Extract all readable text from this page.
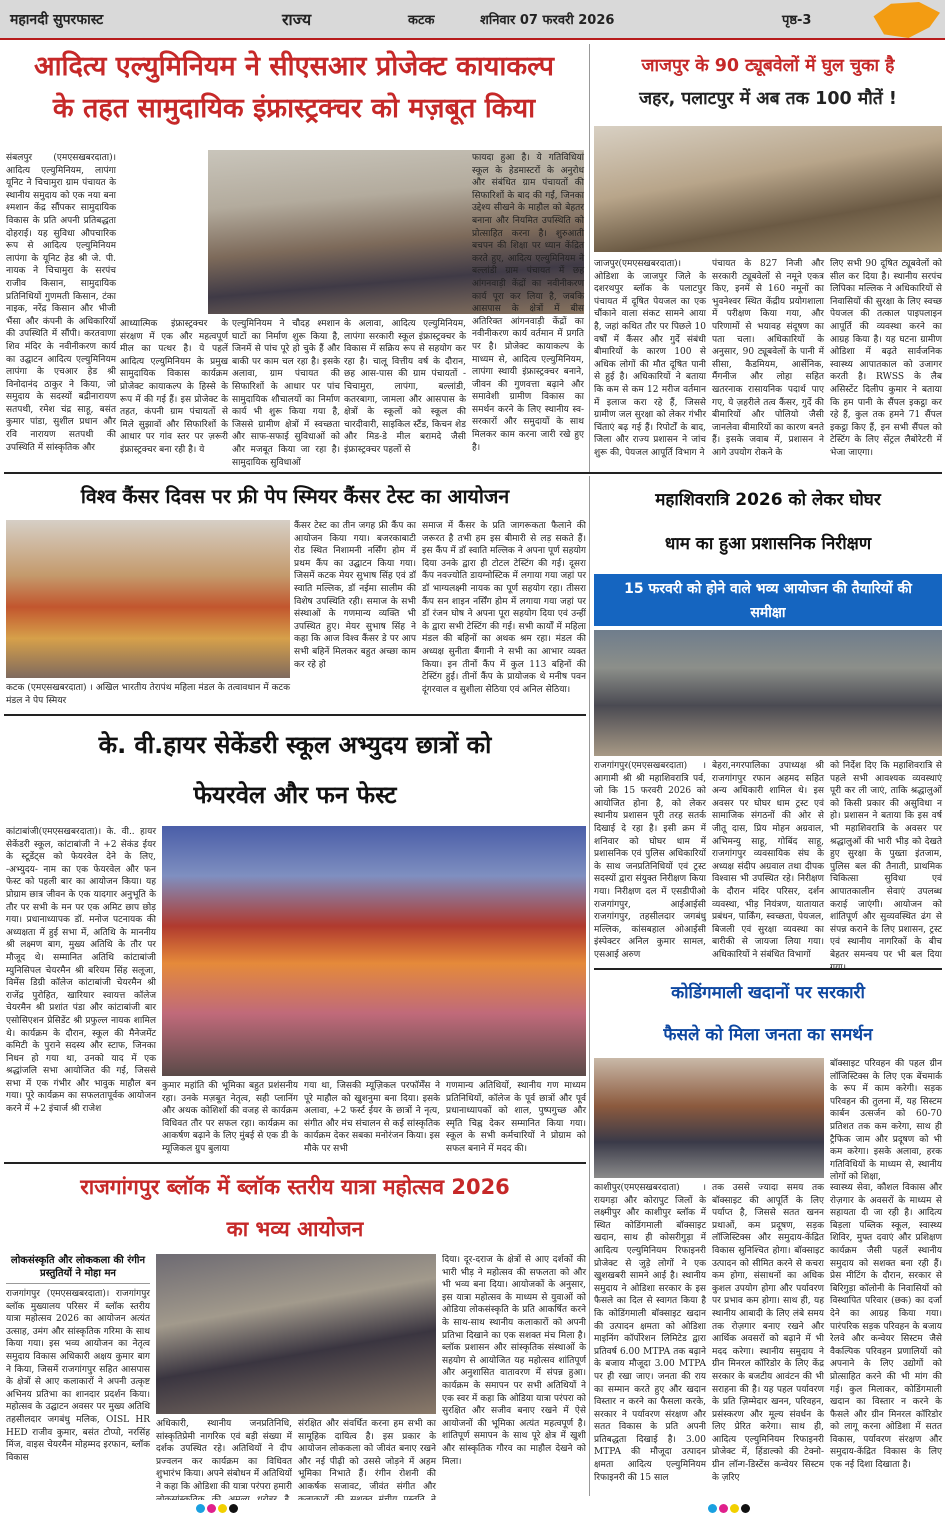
महानदी सुपरफास्ट	राज्य	कटक	शनिवार 07 फरवरी 2026	पृष्ठ-3
आदित्य एल्युमिनियम ने सीएसआर प्रोजेक्ट कायाकल्प
के तहत सामुदायिक इंफ्रास्ट्रक्चर को मज़बूत किया
संबलपुर (एमएसखबरदाता)। आदित्य एल्युमिनियम, लापंगा यूनिट ने चिचामुरा ग्राम पंचायत के स्थानीय समुदाय को एक नया बना श्मशान केंद्र सौंपकर सामुदायिक विकास के प्रति अपनी प्रतिबद्धता दोहराई। यह सुविधा औपचारिक रूप से आदित्य एल्युमिनियम लापंगा के यूनिट हेड श्री जे. पी. नायक ने चिचामुरा के सरपंच राजीव किसान, सामुदायिक प्रतिनिधियों गुणमती किसान, टंका नाइक, नरेंद्र किसान और भीजी भैंसा और कंपनी के अधिकारियों की उपस्थिति में सौंपी। करतवाणा शिव मंदिर के नवीनीकरण कार्य का उद्घाटन आदित्य एल्युमिनियम लापंगा के एचआर हेड श्री विनोदानंद ठाकुर ने किया, जो समुदाय के सदस्यों बद्रीनारायण सतपथी, रमेश चंद्र साहू, बसंत कुमार पांडा, सुशील प्रधान और रवि नारायण सतपथी की उपस्थिति में सांस्कृतिक और
आध्यात्मिक इंफ्रास्ट्रक्चर के संरक्षण में एक और महत्वपूर्ण मील का पत्थर है। ये पहलें आदित्य एल्युमिनियम के प्रमुख सामुदायिक विकास कार्यक्रम प्रोजेक्ट कायाकल्प के हिस्से के रूप में की गई हैं। इस प्रोजेक्ट के तहत, कंपनी ग्राम पंचायतों से मिले सुझावों और सिफारिशों के आधार पर गांव स्तर पर ज़रूरी इंफ्रास्ट्रक्चर बना रही है। ये
एल्युमिनियम ने चौदह श्मशान घाटों का निर्माण शुरू किया है, जिनमें से पांच पूरे हो चुके हैं और बाकी पर काम चल रहा है। इसके अलावा, ग्राम पंचायत की सिफारिशों के आधार पर पांच सामुदायिक शौचालयों का निर्माण कार्य भी शुरू किया गया है, जिससे ग्रामीण क्षेत्रों में स्वच्छता और साफ-सफाई सुविधाओं को और मजबूत किया जा रहा है। सामुदायिक सुविधाओं
के अलावा, आदित्य एल्युमिनियम, लापंगा सरकारी स्कूल इंफ्रास्ट्रक्चर के विकास में सक्रिय रूप से सहयोग कर रहा है। चालू वित्तीय वर्ष के दौरान, छह आस-पास की ग्राम पंचायतों - चिचामुरा, लापंगा, बल्लांडी, कतरबागा, जामला और आसपास के क्षेत्रों के स्कूलों को स्कूल की चारदीवारी, साइकिल स्टैंड, किचन शेड और मिड-डे मील बरामदे जैसी इंफ्रास्ट्रक्चर पहलों से
फायदा हुआ है। ये गतिविधियां स्कूल के हेडमास्टरों के अनुरोध और संबंधित ग्राम पंचायतों की सिफारिशों के बाद की गईं, जिनका उद्देश्य सीखने के माहौल को बेहतर बनाना और नियमित उपस्थिति को प्रोत्साहित करना है। शुरुआती बचपन की शिक्षा पर ध्यान केंद्रित करते हुए, आदित्य एल्युमिनियम ने बल्लांडी ग्राम पंचायत में छह आंगनवाड़ी केंद्रों का नवीनीकरण कार्य पूरा कर लिया है, जबकि आसपास के क्षेत्रों में बीस अतिरिक्त आंगनवाड़ी केंद्रों का नवीनीकरण कार्य वर्तमान में प्रगति पर है। प्रोजेक्ट कायाकल्प के माध्यम से, आदित्य एल्युमिनियम, लापंगा स्थायी इंफ्रास्ट्रक्चर बनाने, जीवन की गुणवत्ता बढ़ाने और समावेशी ग्रामीण विकास का समर्थन करने के लिए स्थानीय स्व-सरकारों और समुदायों के साथ मिलकर काम करना जारी रखे हुए है।
जाजपुर के 90 ट्यूबवेलों में घुल चुका है
जहर, पलाटपुर में अब तक 100 मौतें !
जाजपुर(एमएसखबरदाता)। ओडिशा के जाजपुर जिले के दशरथपुर ब्लॉक के पलाटपुर पंचायत में दूषित पेयजल का एक चौंकाने वाला संकट सामने आया है, जहां कथित तौर पर पिछले 10 वर्षों में कैंसर और गुर्दे संबंधी बीमारियों के कारण 100 से अधिक लोगों की मौत दूषित पानी से हुई है। अधिकारियों ने बताया कि कम से कम 12 मरीज वर्तमान में इलाज करा रहे हैं, जिससे ग्रामीण जल सुरक्षा को लेकर गंभीर चिंताएं बढ़ गई हैं। रिपोर्टों के बाद, जिला और राज्य प्रशासन ने जांच शुरू की, पेयजल आपूर्ति विभाग ने
पंचायत के 827 निजी और सरकारी ट्यूबवेलों से नमूने एकत्र किए, इनमें से 160 नमूनों का भुवनेश्वर स्थित केंद्रीय प्रयोगशाला में परीक्षण किया गया, और परिणामों से भयावह संदूषण का पता चला। अधिकारियों के अनुसार, 90 ट्यूबवेलों के पानी में सीसा, कैडमियम, आर्सेनिक, मैंगनीज और लोहा सहित खतरनाक रासायनिक पदार्थ पाए गए, ये ज़हरीले तत्व कैंसर, गुर्दे की बीमारियों और पोलियो जैसी जानलेवा बीमारियों का कारण बनते हैं। इसके जवाब में, प्रशासन ने आगे उपयोग रोकने के
लिए सभी 90 दूषित ट्यूबवेलों को सील कर दिया है। स्थानीय सरपंच लिपिका मल्लिक ने अधिकारियों से निवासियों की सुरक्षा के लिए स्वच्छ पेयजल की तत्काल पाइपलाइन आपूर्ति की व्यवस्था करने का आग्रह किया है। यह घटना ग्रामीण ओडिशा में बढ़ते सार्वजनिक स्वास्थ्य आपातकाल को उजागर करती है। RWSS के लैब असिस्टेंट दिलीप कुमार ने बताया कि हम पानी के सैंपल इकट्ठा कर रहे हैं, कुल तक हमने 71 सैंपल इकट्ठा किए हैं, इन सभी सैंपल को टेस्टिंग के लिए सेंट्रल लैबोरेटरी में भेजा जाएगा।
विश्व कैंसर दिवस पर फ्री पेप स्मियर कैंसर टेस्ट का आयोजन
कटक (एमएसखबरदाता) । अखिल भारतीय तेरापंथ महिला मंडल के तत्वावधान में कटक मंडल ने पेप स्मियर
कैंसर टेस्ट का तीन जगह फ्री कैंप का आयोजन किया गया। बजरकाबाटी रोड स्थित निशामनी नर्सिंग होम में प्रथम कैंप का उद्घाटन किया गया। जिसमें कटक मेयर सुभाष सिंह एवं डॉ स्वाति मल्लिक, डॉ नईमा सालीम की विशेष उपस्थिति रही। समाज के सभी संस्थाओं के गणमान्य व्यक्ति भी उपस्थित हुए। मेयर सुभाष सिंह ने कहा कि आज विश्व कैंसर डे पर आप सभी बहिनें मिलकर बहुत अच्छा काम कर रहे हो
समाज में कैंसर के प्रति जागरूकता फैलाने की जरूरत है तभी हम इस बीमारी से लड़ सकते हैं। इस कैंप में डॉ स्वाति मल्लिक ने अपना पूर्ण सहयोग दिया उनके द्वारा ही टोटल टेस्टिंग की गई। दूसरा कैंप नवज्योति डायग्नोस्टिक में लगाया गया जहां पर डॉ भाग्यलक्ष्मी नायक का पूर्ण सहयोग रहा। तीसरा कैंप सन शाइन नर्सिंग होम में लगाया गया जहां पर डॉ रंजन घोष ने अपना पूरा सहयोग दिया एवं उन्हीं के द्वारा सभी टेस्टिंग की गई। सभी कार्यों में महिला मंडल की बहिनों का अथक श्रम रहा। मंडल की अध्यक्ष सुनीता बैंगानी ने सभी का आभार व्यक्त किया। इन तीनों कैंप में कुल 113 बहिनों की टेस्टिंग हुई। तीनों कैंप के प्रायोजक थे मनीष पवन दूंगरवाल व सुशीला सेठिया एवं अनिल सेठिया।
महाशिवरात्रि 2026 को लेकर घोघर
धाम का हुआ प्रशासनिक निरीक्षण
15 फरवरी को होने वाले भव्य आयोजन की तैयारियों की समीक्षा
राजगांगपुर(एमएसखबरदाता) । आगामी श्री श्री महाशिवरात्रि पर्व, जो कि 15 फरवरी 2026 को आयोजित होना है, को लेकर स्थानीय प्रशासन पूरी तरह सतर्क दिखाई दे रहा है। इसी क्रम में शनिवार को घोघर धाम में प्रशासनिक एवं पुलिस अधिकारियों के साथ जनप्रतिनिधियों एवं ट्रस्ट सदस्यों द्वारा संयुक्त निरीक्षण किया गया। निरीक्षण दल में एसडीपीओ राजगांगपुर, आईआईसी राजगांगपुर, तहसीलदार जगबंधु मल्लिक, कांसबहाल ओआईसी इंस्पेक्टर अनिल कुमार सामल, एसआई अरुण
बेहरा,नगरपालिका उपाध्यक्ष श्री राजगांगपुर रफान अहमद सहित अन्य अधिकारी शामिल थे। इस अवसर पर घोघर धाम ट्रस्ट एवं सामाजिक संगठनों की ओर से जीतू दास, प्रिय मोहन अग्रवाल, अभिमन्यु साहू, गोबिंद साहू, राजगांगपुर व्यवसायिक संघ के अध्यक्ष संदीप अग्रवाल तथा दीपक विश्वास भी उपस्थित रहे। निरीक्षण के दौरान मंदिर परिसर, दर्शन व्यवस्था, भीड़ नियंत्रण, यातायात प्रबंधन, पार्किंग, स्वच्छता, पेयजल, बिजली एवं सुरक्षा व्यवस्था का बारीकी से जायजा लिया गया। अधिकारियों ने संबंधित विभागों
को निर्देश दिए कि महाशिवरात्रि से पहले सभी आवश्यक व्यवस्थाएं पूरी कर ली जाएं, ताकि श्रद्धालुओं को किसी प्रकार की असुविधा न हो। प्रशासन ने बताया कि इस वर्ष भी महाशिवरात्रि के अवसर पर श्रद्धालुओं की भारी भीड़ को देखते हुए सुरक्षा के पुख्ता इंतजाम, पुलिस बल की तैनाती, प्राथमिक चिकित्सा सुविधा एवं आपातकालीन सेवाएं उपलब्ध कराई जाएंगी। आयोजन को शांतिपूर्ण और सुव्यवस्थित ढंग से संपन्न कराने के लिए प्रशासन, ट्रस्ट एवं स्थानीय नागरिकों के बीच बेहतर समन्वय पर भी बल दिया
के. वी.हायर सेकेंडरी स्कूल अभ्युदय छात्रों को
फेयरवेल और फन फेस्ट
कांटाबांजी(एमएसखबरदाता)। के. वी.. हायर सेकेंडरी स्कूल, कांटाबांजी ने +2 सेकंड ईयर के स्टूडेंट्स को फेयरवेल देने के लिए, -अभ्युदय- नाम का एक फेयरवेल और फन फेस्ट को पहली बार का आयोजन किया। यह प्रोग्राम छात्र जीवन के एक यादगार अनुभूति के तौर पर सभी के मन पर एक अमिट छाप छोड़ गया। प्रधानाध्यापक डॉ. मनोज पटनायक की अध्यक्षता में हुई सभा में, अतिथि के माननीय श्री लक्ष्मण बाग, मुख्य अतिथि के तौर पर मौजूद थे। सम्मानित अतिथि कांटाबांजी म्युनिसिपल चेयरमैन श्री बरियम सिंह सलूजा, विमेंस डिग्री कॉलेज कांटाबांजी चेयरमैन श्री राजेंद्र पुरोहित, खारियार स्वायत्त कॉलेज चेयरमैन श्री प्रशांत पंडा और कांटाबांजी बार एसोसिएशन प्रेसिडेंट श्री प्रफुल्ल नायक शामिल थे। कार्यक्रम के दौरान, स्कूल की मैनेजमेंट कमिटी के पुराने सदस्य और स्टाफ, जिनका निधन हो गया था, उनको याद में एक श्रद्धांजलि सभा आयोजित की गई, जिससे सभा में एक गंभीर और भावुक माहौल बन गया। पूरे कार्यक्रम का सफलतापूर्वक आयोजन करने में +2 इंचार्ज श्री राजेश
कुमार महांति की भूमिका बहुत प्रशंसनीय रहा। उनके मज़बूत नेतृत्व, सही प्लानिंग और अथक कोशिशों की वजह से कार्यक्रम विधिवत तौर पर सफल रहा। कार्यक्रम का आकर्षण बढ़ाने के लिए मुंबई से एक डी के म्यूजिकल ग्रुप बुलाया
गया था, जिसकी म्यूज़िकल परफॉर्मेंस ने पूरे माहौल को खुशनुमा बना दिया। इसके अलावा, +2 फर्स्ट ईयर के छात्रों ने नृत्य, संगीत और मंच संचालन से कई सांस्कृतिक कार्यक्रम देकर सबका मनोरंजन किया। इस मौके पर सभी
गणमान्य अतिथियों, स्थानीय गण माध्यम प्रतिनिधियों, कॉलेज के पूर्व छात्रों और पूर्व प्रधानाध्यापकों को शाल, पुष्पगुच्छ और स्मृति चिह्न देकर सम्मानित किया गया। स्कूल के सभी कर्मचारियों ने प्रोग्राम को सफल बनाने में मदद की।
कोडिंगमाली खदानों पर सरकारी
फैसले को मिला जनता का समर्थन
बॉक्साइट परिवहन की पहल ग्रीन लॉजिस्टिक्स के लिए एक बेंचमार्क के रूप में काम करेगी। सड़क परिवहन की तुलना में, यह सिस्टम कार्बन उत्सर्जन को 60-70 प्रतिशत तक कम करेगा, साथ ही ट्रैफिक जाम और प्रदूषण को भी कम करेगा। इसके अलावा, हरक गतिविधियों के माध्यम से, स्थानीय लोगों को शिक्षा,
काशीपुर(एमएसखबरदाता) । रायगड़ा और कोरापुट जिलों के लक्ष्मीपुर और काशीपुर ब्लॉक में स्थित कोडिंगमाली बॉक्साइट खदान, साथ ही कोसरीगुड़ा में आदित्य एल्युमिनियम रिफाइनरी प्रोजेक्ट से जुड़े लोगों ने एक खुशखबरी सामने आई है। स्थानीय समुदाय ने ओडिशा सरकार के इस फैसले का दिल से स्वागत किया है कि कोडिंगमाली बॉक्साइट खदान की उत्पादन क्षमता को ओडिशा माइनिंग कॉर्पोरेशन लिमिटेड द्वारा प्रतिवर्ष 6.00 MTPA तक बढ़ाने के बजाय मौजूदा 3.00 MTPA पर ही रखा जाए। जनता की राय का सम्मान करते हुए और खदान विस्तार न करने का फैसला करके, सरकार ने पर्यावरण संरक्षण और सतत विकास के प्रति अपनी प्रतिबद्धता दिखाई है। 3.00 MTPA की मौजूदा उत्पादन क्षमता आदित्य एल्युमिनियम रिफाइनरी की 15 साल
तक उससे ज्यादा समय तक बॉक्साइट की आपूर्ति के लिए पर्याप्त है, जिससे सतत खनन प्रथाओं, कम प्रदूषण, सड़क लॉजिस्टिक्स और समुदाय-केंद्रित विकास सुनिश्चित होगा। बॉक्साइट उत्पादन को सीमित करने से कचरा कम होगा, संसाधनों का अधिक कुशल उपयोग होगा और पर्यावरण पर प्रभाव कम होगा। साथ ही, यह स्थानीय आबादी के लिए लंबे समय तक रोज़गार बनाए रखने और आर्थिक अवसरों को बढ़ाने में भी मदद करेगा। स्थानीय समुदाय ने ग्रीन मिनरल कॉरिडोर के लिए केंद्र सरकार के बजटीय आवंटन की भी सराहना की है। यह पहल पर्यावरण के प्रति ज़िम्मेदार खनन, परिवहन, प्रसंस्करण और मूल्य संवर्धन के लिए प्रेरित करेगा। साथ ही, आदित्य एल्युमिनियम रिफाइनरी प्रोजेक्ट में, हिंडाल्को की टेक्नो-ग्रीन लॉन्ग-डिस्टेंस कन्वेयर सिस्टम के ज़रिए
स्वास्थ्य सेवा, कौशल विकास और रोज़गार के अवसरों के माध्यम से सहायता दी जा रही है। आदित्य बिड़ला पब्लिक स्कूल, स्वास्थ्य शिविर, मुफ्त दवाएं और प्रशिक्षण कार्यक्रम जैसी पहलें स्थानीय समुदाय को सशक्त बना रही हैं। प्रेस मीटिंग के दौरान, सरकार से बिरिगुड़ा कॉलोनी के निवासियों को विस्थापित परिवार (छक) का दर्जा देने का आग्रह किया गया। पारंपरिक सड़क परिवहन के बजाय रेलवे और कन्वेयर सिस्टम जैसे वैकल्पिक परिवहन प्रणालियों को अपनाने के लिए उद्योगों को प्रोत्साहित करने की भी मांग की गई। कुल मिलाकर, कोडिंगमाली खदान का विस्तार न करने के फैसले और ग्रीन मिनरल कॉरिडोर को लागू करना ओडिशा में सतत विकास, पर्यावरण संरक्षण और समुदाय-केंद्रित विकास के लिए एक नई दिशा दिखाता है।
राजगांगपुर ब्लॉक में ब्लॉक स्तरीय यात्रा महोत्सव 2026
का भव्य आयोजन
लोकसंस्कृति और लोककला की रंगीन प्रस्तुतियों ने मोहा मन
राजगांगपुर (एमएसखबरदाता)। राजगांगपुर ब्लॉक मुख्यालय परिसर में ब्लॉक स्तरीय यात्रा महोत्सव 2026 का आयोजन अत्यंत उत्साह, उमंग और सांस्कृतिक गरिमा के साथ किया गया। इस भव्य आयोजन का नेतृत्व समुदाय विकास अधिकारी अक्षय कुमार बाग ने किया, जिसमें राजगांगपुर सहित आसपास के क्षेत्रों से आए कलाकारों ने अपनी उत्कृष्ट अभिनय प्रतिभा का शानदार प्रदर्शन किया। महोत्सव के उद्घाटन अवसर पर मुख्य अतिथि तहसीलदार जगबंधु मलिक, OISL HR HED राजीव कुमार, बसंत टोप्पो, नरसिंह मिंज, वाइस चेयरमैन मोहम्मद इरफान, ब्लॉक विकास
अधिकारी, स्थानीय जनप्रतिनिधि, सांस्कृतिप्रेमी नागरिक एवं बड़ी संख्या में दर्शक उपस्थित रहे। अतिथियों ने दीप प्रज्वलन कर कार्यक्रम का विधिवत शुभारंभ किया। अपने संबोधन में अतिथियों ने कहा कि ओडिशा की यात्रा परंपरा हमारी
संरक्षित और संवर्धित करना हम सभी का सामूहिक दायित्व है। इस प्रकार के आयोजन लोककला को जीवंत बनाए रखने और नई पीढ़ी को उससे जोड़ने में अहम भूमिका निभाते हैं। रंगीन रोशनी की आकर्षक सजावट, जीवंत संगीत और
दिया। दूर-दराज के क्षेत्रों से आए दर्शकों की भारी भीड़ ने महोत्सव की सफलता को और भी भव्य बना दिया। आयोजकों के अनुसार, इस यात्रा महोत्सव के माध्यम से युवाओं को ओडिया लोकसंस्कृति के प्रति आकर्षित करने के साथ-साथ स्थानीय कलाकारों को अपनी प्रतिभा दिखाने का एक सशक्त मंच मिला है। ब्लॉक प्रशासन और सांस्कृतिक संस्थाओं के सहयोग से आयोजित यह महोत्सव शांतिपूर्ण और अनुशासित वातावरण में संपन्न हुआ। कार्यक्रम के समापन पर सभी अतिथियों ने एक स्वर में कहा कि ओडिया यात्रा परंपरा को सुरक्षित और सजीव बनाए रखने में ऐसे आयोजनों की भूमिका अत्यंत महत्वपूर्ण है। शांतिपूर्ण समापन के साथ पूरे क्षेत्र में खुशी और सांस्कृतिक गौरव का माहौल देखने को मिला।
